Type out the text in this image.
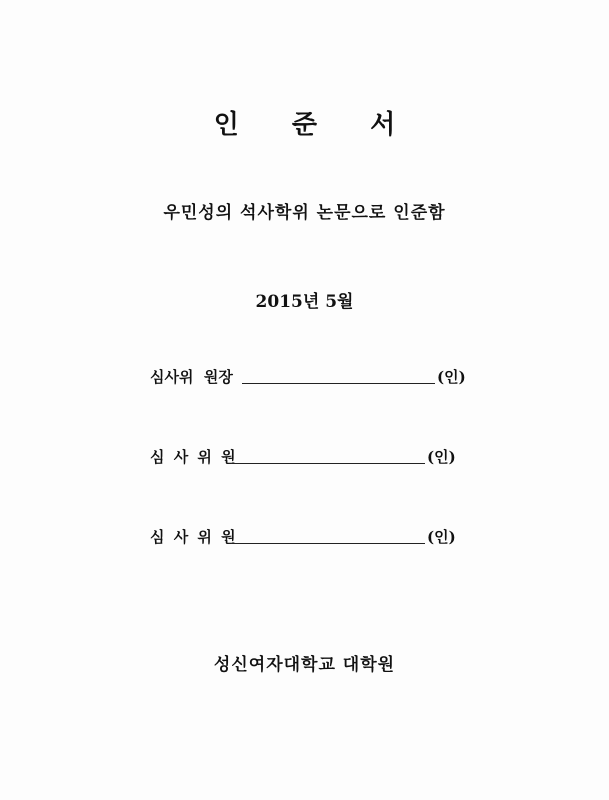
인 준 서
우민성의 석사학위 논문으로 인준함
2015년 5월
심사위  원장	(인)
심 사 위 원	(인)
심 사 위 원	(인)
성신여자대학교 대학원
